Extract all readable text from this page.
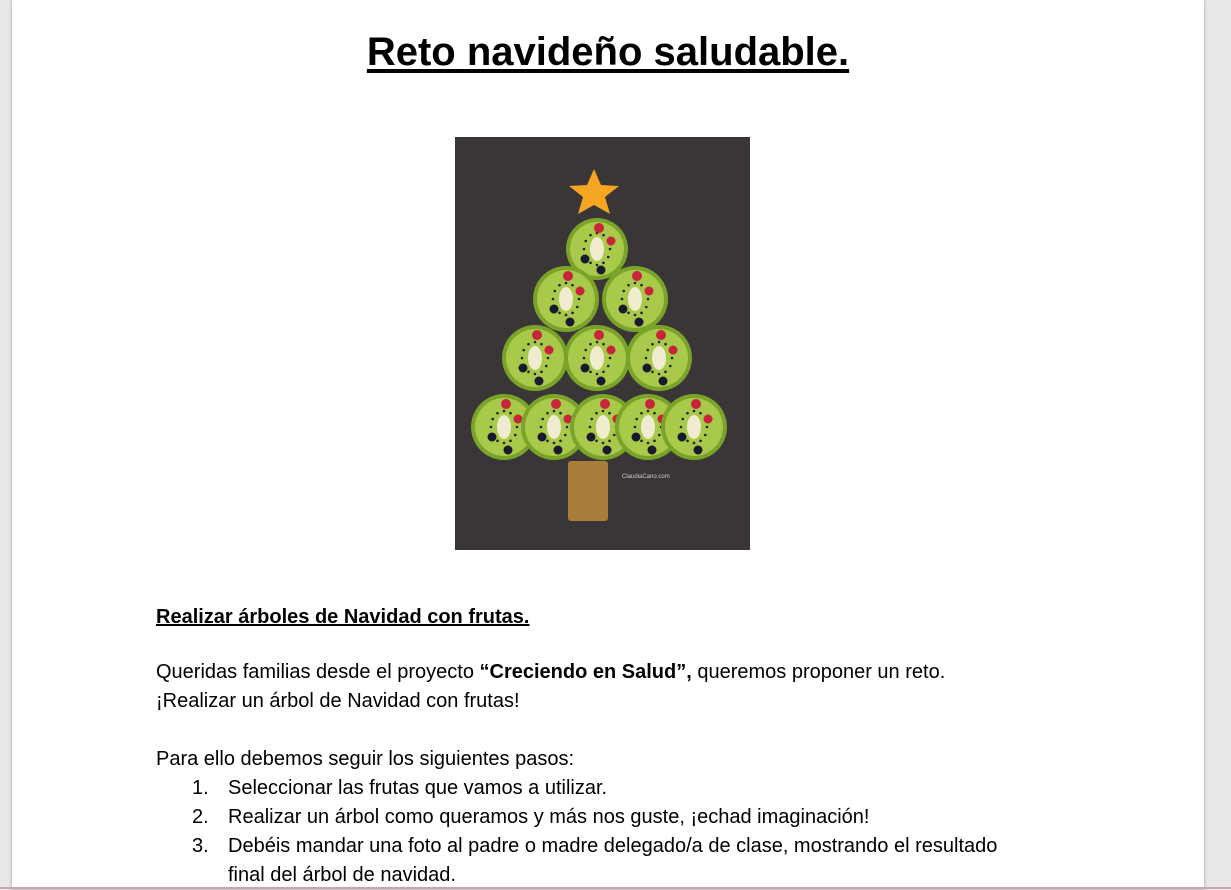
Reto navideño saludable.
ClaudiaCano.com
Realizar árboles de Navidad con frutas.
Queridas familias desde el proyecto “Creciendo en Salud”, queremos proponer un reto.
¡Realizar un árbol de Navidad con frutas!
Para ello debemos seguir los siguientes pasos:
1. Seleccionar las frutas que vamos a utilizar.
2. Realizar un árbol como queramos y más nos guste, ¡echad imaginación!
3. Debéis mandar una foto al padre o madre delegado/a de clase, mostrando el resultado final del árbol de navidad.
